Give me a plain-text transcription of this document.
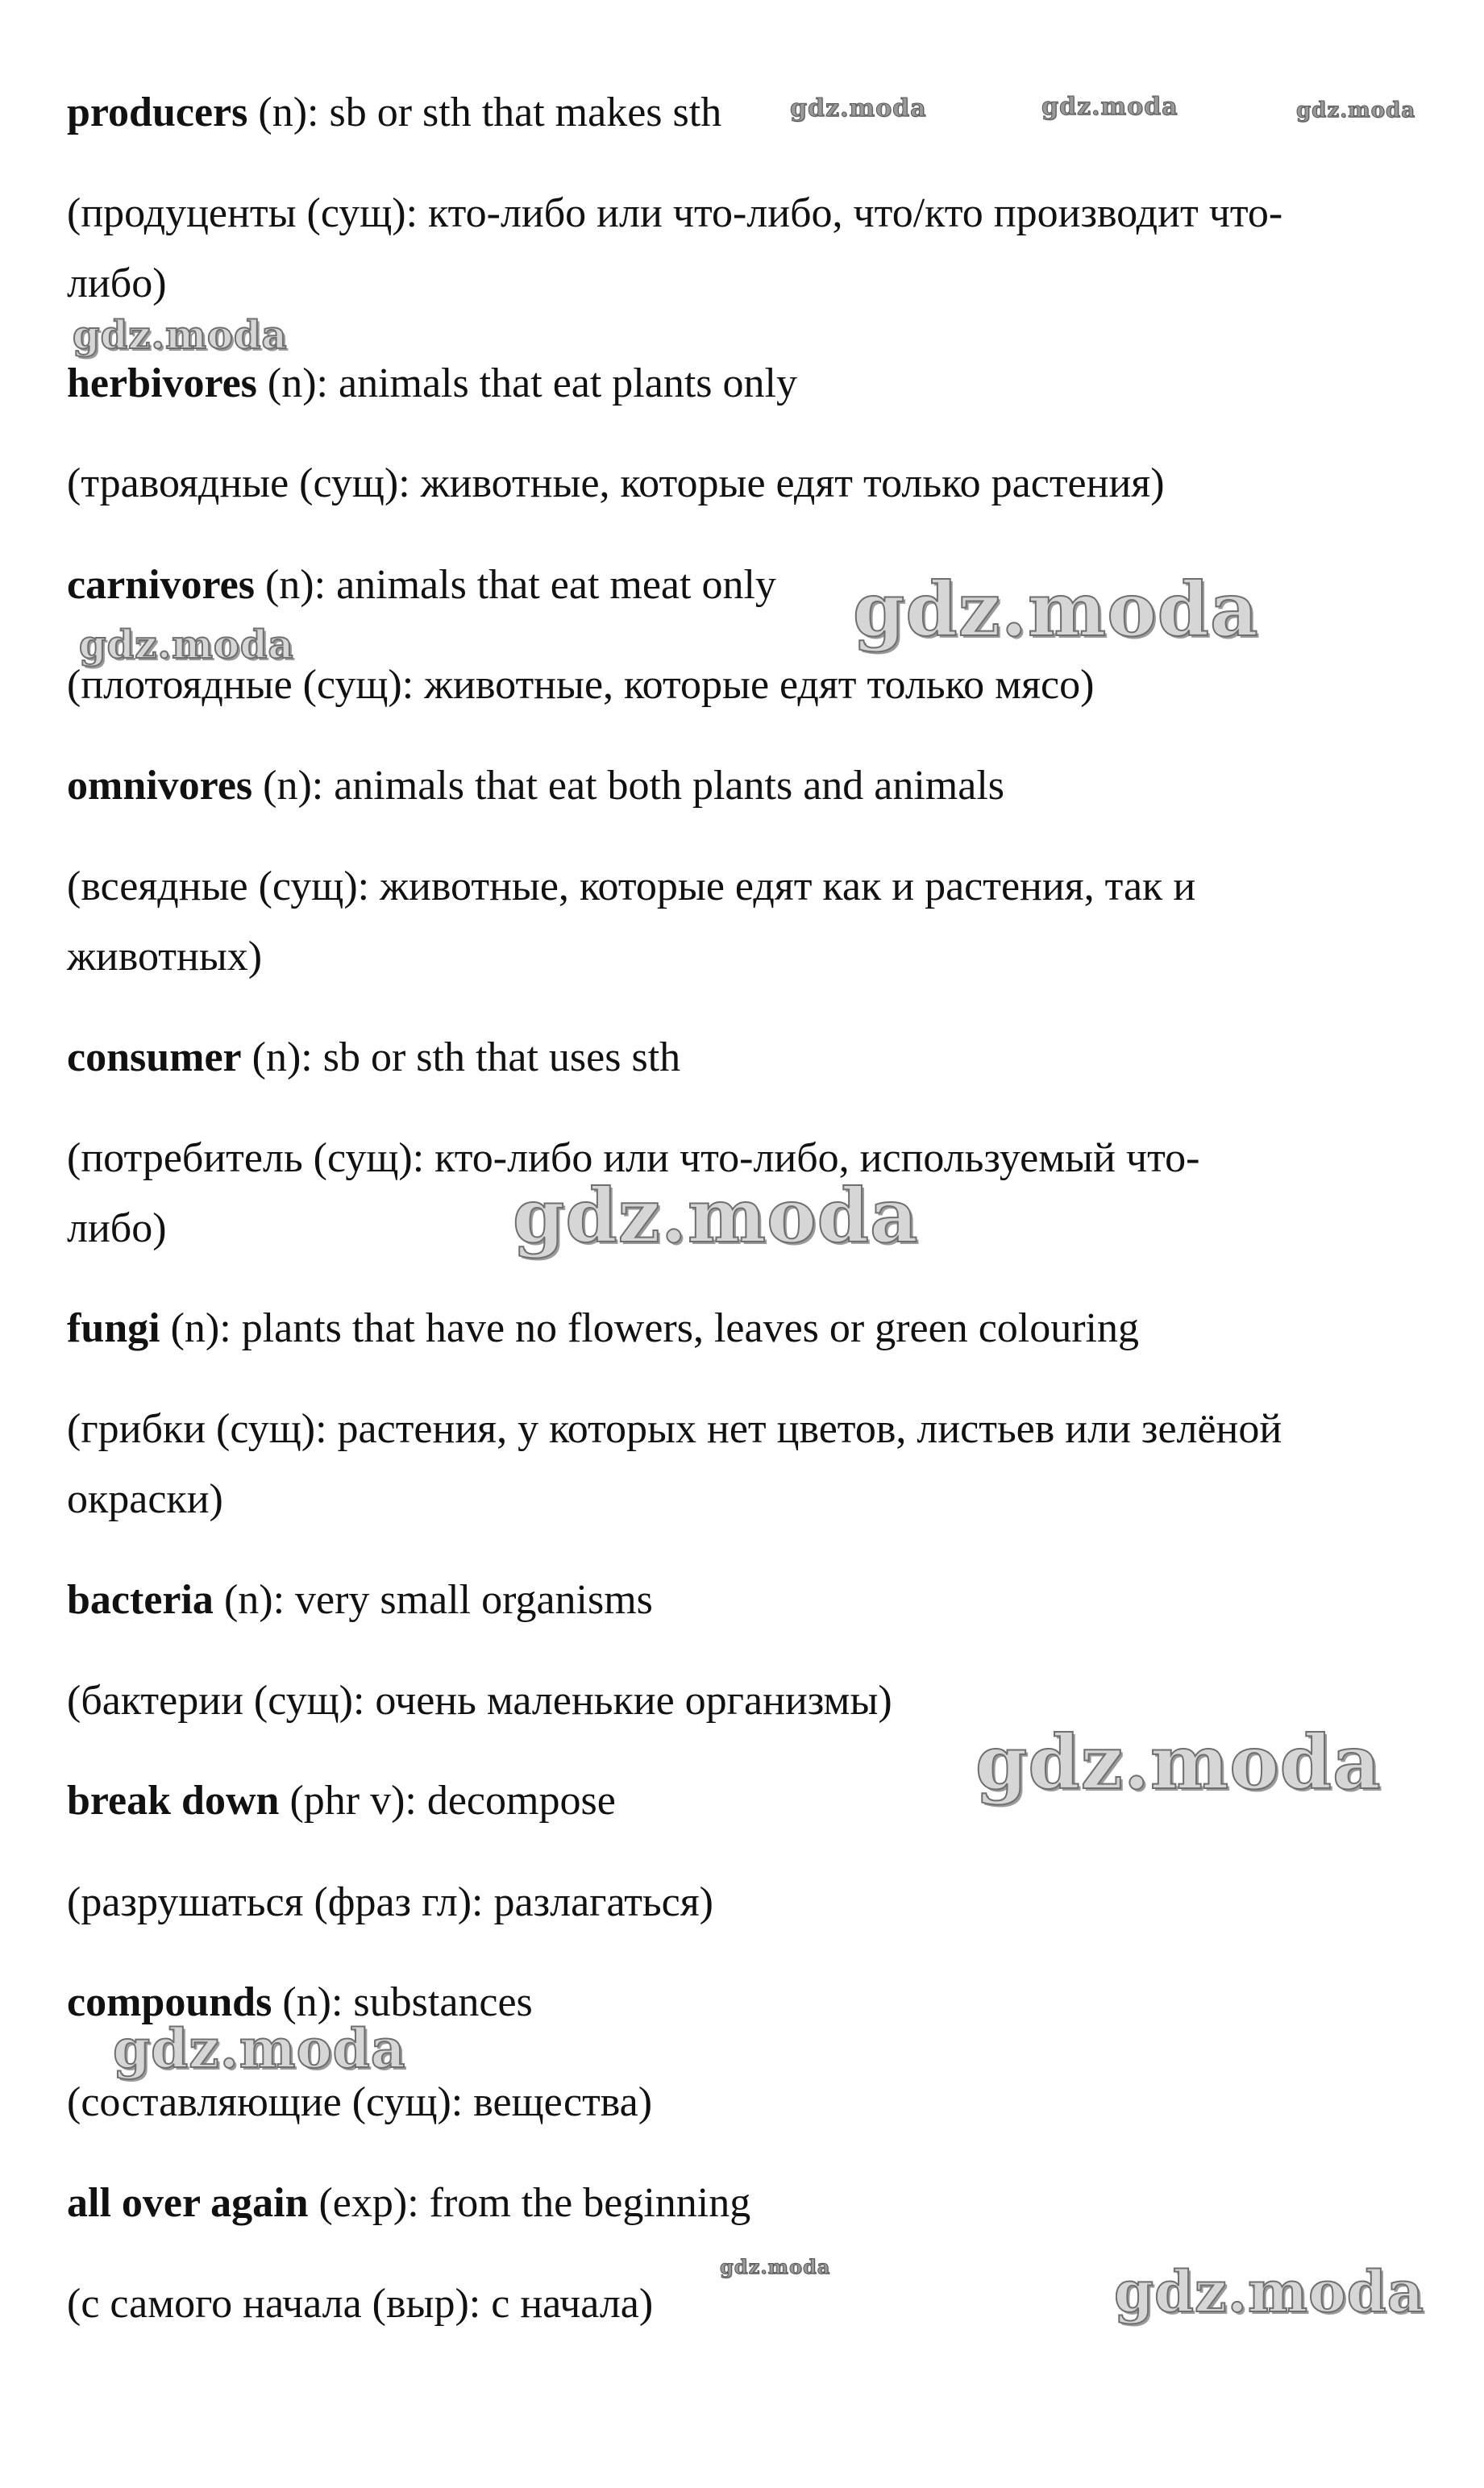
producers (n): sb or sth that makes sth
(продуценты (сущ): кто-либо или что-либо, что/кто производит что-
либо)
herbivores (n): animals that eat plants only
(травоядные (сущ): животные, которые едят только растения)
carnivores (n): animals that eat meat only
(плотоядные (сущ): животные, которые едят только мясо)
omnivores (n): animals that eat both plants and animals
(всеядные (сущ): животные, которые едят как и растения, так и
животных)
consumer (n): sb or sth that uses sth
(потребитель (сущ): кто-либо или что-либо, используемый что-
либо)
fungi (n): plants that have no flowers, leaves or green colouring
(грибки (сущ): растения, у которых нет цветов, листьев или зелёной
окраски)
bacteria (n): very small organisms
(бактерии (сущ): очень маленькие организмы)
break down (phr v): decompose
(разрушаться (фраз гл): разлагаться)
compounds (n): substances
(составляющие (сущ): вещества)
all over again (exp): from the beginning
(с самого начала (выр): с начала)
gdz.moda	gdz.moda	gdz.moda
gdz.moda
gdz.moda
gdz.moda
gdz.moda
gdz.moda
gdz.moda
gdz.moda	gdz.moda
